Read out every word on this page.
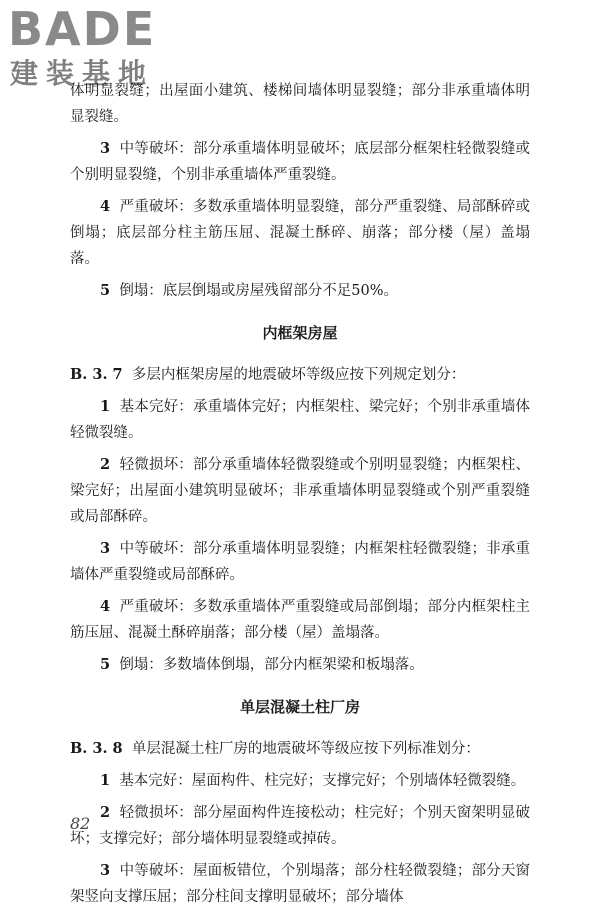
BADE
建装基地

体明显裂缝；出屋面小建筑、楼梯间墙体明显裂缝；部分非承重墙体明显裂缝。

3 中等破坏：部分承重墙体明显破坏；底层部分框架柱轻微裂缝或个别明显裂缝，个别非承重墙体严重裂缝。

4 严重破坏：多数承重墙体明显裂缝，部分严重裂缝、局部酥碎或倒塌；底层部分柱主筋压屈、混凝土酥碎、崩落；部分楼（屋）盖塌落。

5 倒塌：底层倒塌或房屋残留部分不足50%。

内框架房屋

B. 3. 7 多层内框架房屋的地震破坏等级应按下列规定划分：

1 基本完好：承重墙体完好；内框架柱、梁完好；个别非承重墙体轻微裂缝。

2 轻微损坏：部分承重墙体轻微裂缝或个别明显裂缝；内框架柱、梁完好；出屋面小建筑明显破坏；非承重墙体明显裂缝或个别严重裂缝或局部酥碎。

3 中等破坏：部分承重墙体明显裂缝；内框架柱轻微裂缝；非承重墙体严重裂缝或局部酥碎。

4 严重破坏：多数承重墙体严重裂缝或局部倒塌；部分内框架柱主筋压屈、混凝土酥碎崩落；部分楼（屋）盖塌落。

5 倒塌：多数墙体倒塌，部分内框架梁和板塌落。

单层混凝土柱厂房

B. 3. 8 单层混凝土柱厂房的地震破坏等级应按下列标准划分：

1 基本完好：屋面构件、柱完好；支撑完好；个别墙体轻微裂缝。

2 轻微损坏：部分屋面构件连接松动；柱完好；个别天窗架明显破坏；支撑完好；部分墙体明显裂缝或掉砖。

3 中等破坏：屋面板错位，个别塌落；部分柱轻微裂缝；部分天窗架竖向支撑压屈；部分柱间支撑明显破坏；部分墙体

82
